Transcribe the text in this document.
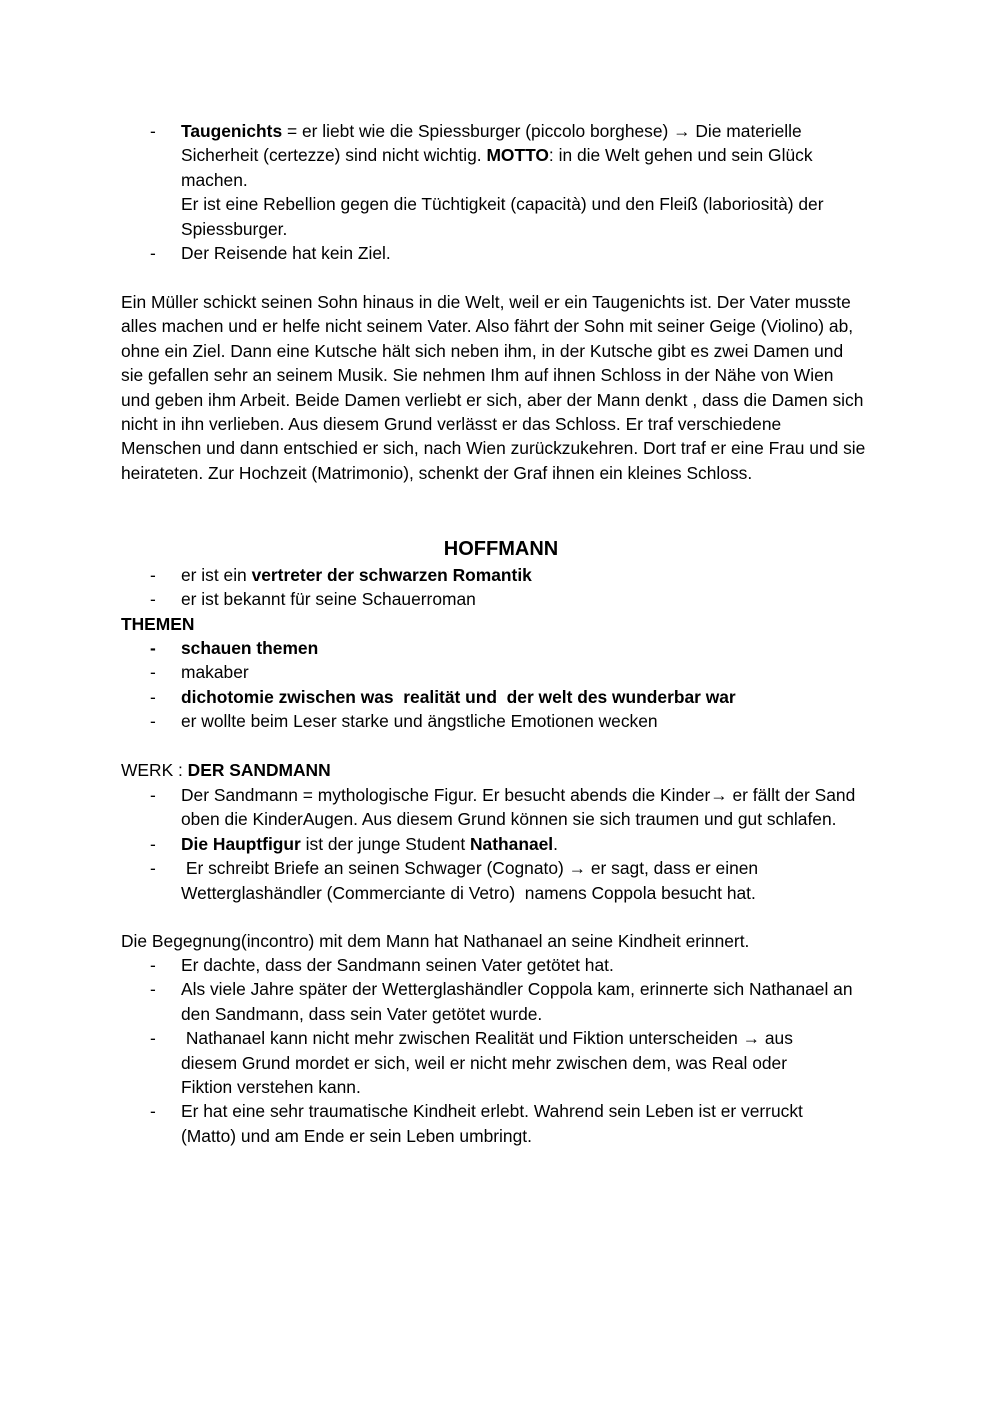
- Taugenichts = er liebt wie die Spiessburger (piccolo borghese) → Die materielle Sicherheit (certezze) sind nicht wichtig. MOTTO: in die Welt gehen und sein Glück machen.

Er ist eine Rebellion gegen die Tüchtigkeit (capacità) und den Fleiß (laboriosità) der Spiessburger.

- Der Reisende hat kein Ziel.

Ein Müller schickt seinen Sohn hinaus in die Welt, weil er ein Taugenichts ist. Der Vater musste alles machen und er helfe nicht seinem Vater. Also fährt der Sohn mit seiner Geige (Violino) ab, ohne ein Ziel. Dann eine Kutsche hält sich neben ihm, in der Kutsche gibt es zwei Damen und sie gefallen sehr an seinem Musik. Sie nehmen Ihm auf ihnen Schloss in der Nähe von Wien und geben ihm Arbeit. Beide Damen verliebt er sich, aber der Mann denkt , dass die Damen sich nicht in ihn verlieben. Aus diesem Grund verlässt er das Schloss. Er traf verschiedene Menschen und dann entschied er sich, nach Wien zurückzukehren. Dort traf er eine Frau und sie heirateten. Zur Hochzeit (Matrimonio), schenkt der Graf ihnen ein kleines Schloss.

HOFFMANN
- er ist ein vertreter der schwarzen Romantik
- er ist bekannt für seine Schauerroman
THEMEN
- schauen themen
- makaber
- dichotomie zwischen was  realität und  der welt des wunderbar war
- er wollte beim Leser starke und ängstliche Emotionen wecken
WERK : DER SANDMANN
- Der Sandmann = mythologische Figur. Er besucht abends die Kinder→ er fällt der Sand oben die KinderAugen. Aus diesem Grund können sie sich traumen und gut schlafen.

- Die Hauptfigur ist der junge Student Nathanael.
- Er schreibt Briefe an seinen Schwager (Cognato) → er sagt, dass er einen Wetterglashändler (Commerciante di Vetro)  namens Coppola besucht hat.

Die Begegnung(incontro) mit dem Mann hat Nathanael an seine Kindheit erinnert.
- Er dachte, dass der Sandmann seinen Vater getötet hat.
- Als viele Jahre später der Wetterglashändler Coppola kam, erinnerte sich Nathanael an den Sandmann, dass sein Vater getötet wurde.

- Nathanael kann nicht mehr zwischen Realität und Fiktion unterscheiden → aus diesem Grund mordet er sich, weil er nicht mehr zwischen dem, was Real oder Fiktion verstehen kann.

- Er hat eine sehr traumatische Kindheit erlebt. Wahrend sein Leben ist er verruckt (Matto) und am Ende er sein Leben umbringt.
